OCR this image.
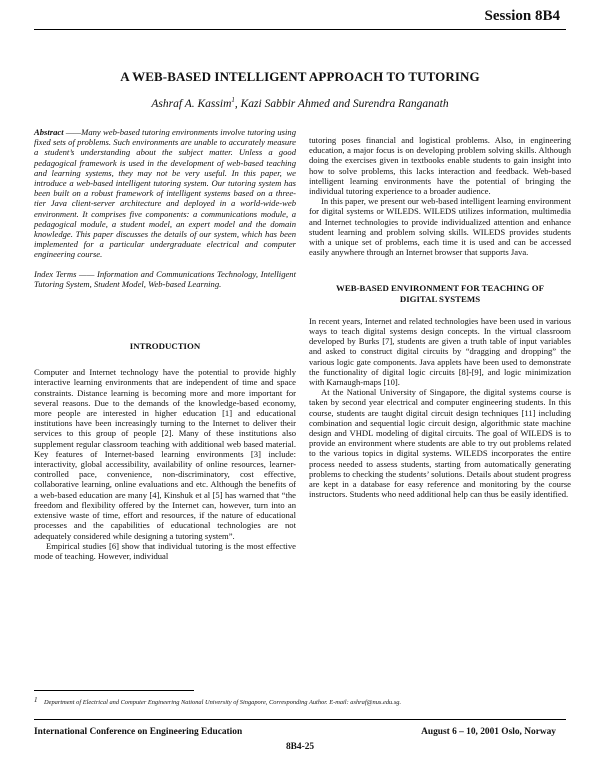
Session 8B4
A WEB-BASED INTELLIGENT APPROACH TO TUTORING
Ashraf A. Kassim$^1$, Kazi Sabbir Ahmed and Surendra Ranganath

Abstract ——Many web-based tutoring environments involve tutoring using fixed sets of problems. Such environments are unable to accurately measure a student’s understanding about the subject matter. Unless a good pedagogical framework is used in the development of web-based teaching and learning systems, they may not be very useful. In this paper, we introduce a web-based intelligent tutoring system. Our tutoring system has been built on a robust framework of intelligent systems based on a three-tier Java client-server architecture and deployed in a world-wide-web environment. It comprises five components: a communications module, a pedagogical module, a student model, an expert model and the domain knowledge. This paper discusses the details of our system, which has been implemented for a particular undergraduate electrical and computer engineering course.

Index Terms —— Information and Communications Technology, Intelligent Tutoring System, Student Model, Web-based Learning.

INTRODUCTION

Computer and Internet technology have the potential to provide highly interactive learning environments that are independent of time and space constraints. Distance learning is becoming more and more important for several reasons. Due to the demands of the knowledge-based economy, more people are interested in higher education [1] and educational institutions have been increasingly turning to the Internet to deliver their services to this group of people [2]. Many of these institutions also supplement regular classroom teaching with additional web based material. Key features of Internet-based learning environments [3] include: interactivity, global accessibility, availability of online resources, learner-controlled pace, convenience, non-discriminatory, cost effective, collaborative learning, online evaluations and etc. Although the benefits of a web-based education are many [4], Kinshuk et al [5] has warned that “the freedom and flexibility offered by the Internet can, however, turn into an extensive waste of time, effort and resources, if the nature of educational processes and the capabilities of educational technologies are not adequately considered while designing a tutoring system”.

Empirical studies [6] show that individual tutoring is the most effective mode of teaching. However, individual

tutoring poses financial and logistical problems. Also, in engineering education, a major focus is on developing problem solving skills. Although doing the exercises given in textbooks enable students to gain insight into how to solve problems, this lacks interaction and feedback. Web-based intelligent learning environments have the potential of bringing the individual tutoring experience to a broader audience.

In this paper, we present our web-based intelligent learning environment for digital systems or WILEDS. WILEDS utilizes information, multimedia and Internet technologies to provide individualized attention and enhance student learning and problem solving skills. WILEDS provides students with a unique set of problems, each time it is used and can be accessed easily anywhere through an Internet browser that supports Java.

WEB-BASED ENVIRONMENT FOR TEACHING OF

DIGITAL SYSTEMS

In recent years, Internet and related technologies have been used in various ways to teach digital systems design concepts. In the virtual classroom developed by Burks [7], students are given a truth table of input variables and asked to construct digital circuits by “dragging and dropping” the various logic gate components. Java applets have been used to demonstrate the functionality of digital logic circuits [8]-[9], and logic minimization with Karnaugh-maps [10].

At the National University of Singapore, the digital systems course is taken by second year electrical and computer engineering students. In this course, students are taught digital circuit design techniques [11] including combination and sequential logic circuit design, algorithmic state machine design and VHDL modeling of digital circuits. The goal of WILEDS is to provide an environment where students are able to try out problems related to the various topics in digital systems. WILEDS incorporates the entire process needed to assess students, starting from automatically generating problems to checking the students’ solutions. Details about student progress are kept in a database for easy reference and monitoring by the course instructors. Students who need additional help can thus be easily identified.

1 Department of Electrical and Computer Engineering National University of Singapore, Corresponding Author. E-mail: ashraf@nus.edu.sg.
International Conference on Engineering Education	August 6 – 10, 2001 Oslo, Norway
8B4-25
